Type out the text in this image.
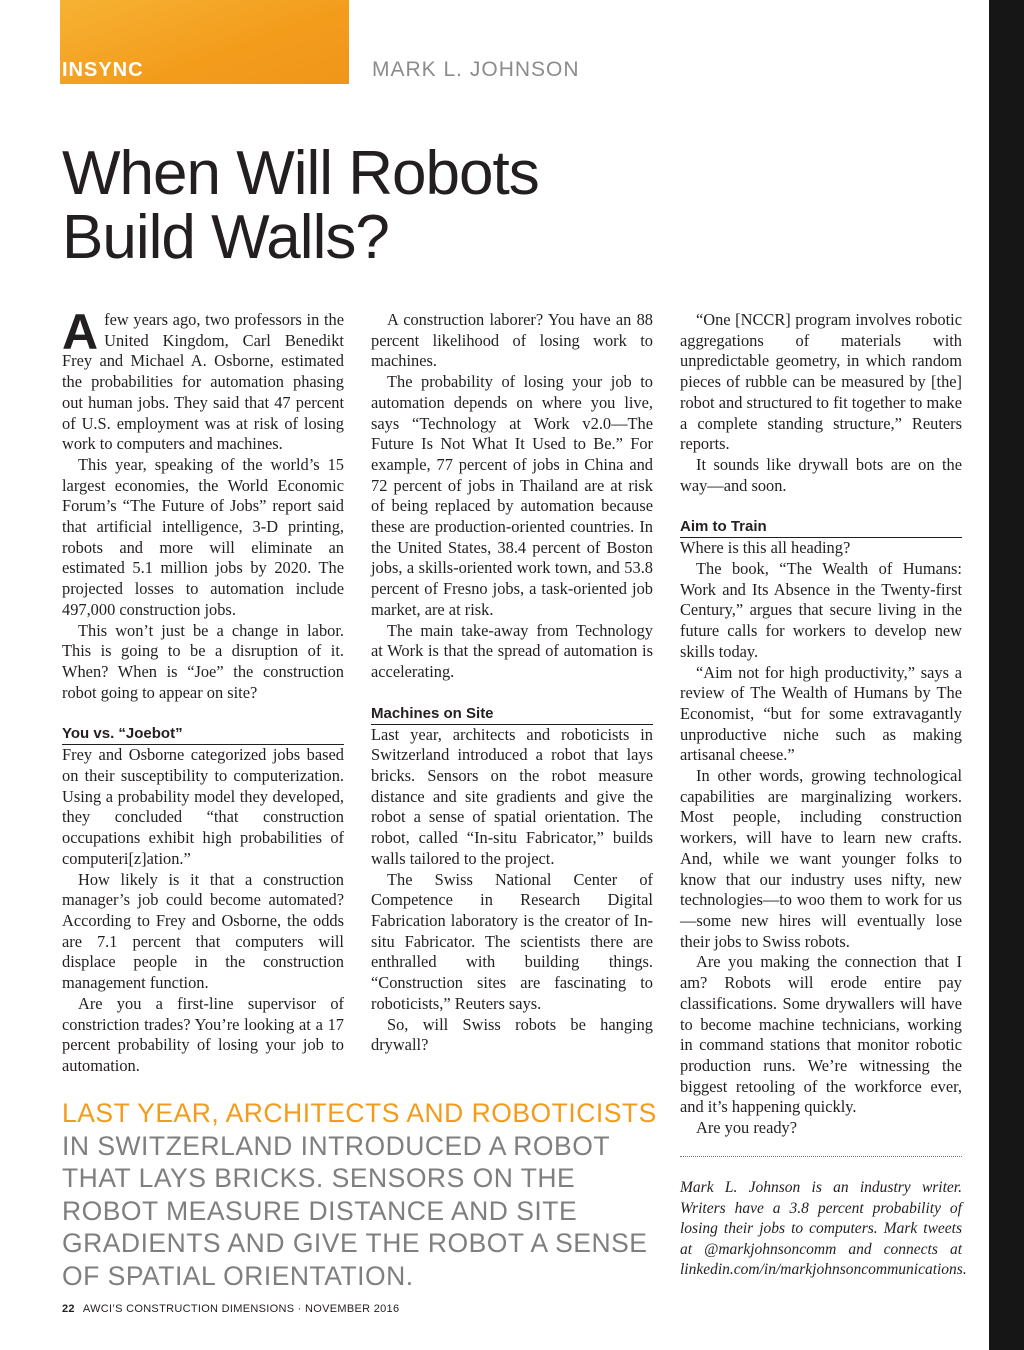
INSYNC	MARK L. JOHNSON
When Will Robots
Build Walls?

Afew years ago, two professors in the United Kingdom, Carl Benedikt Frey and Michael A. Osborne, estimated the probabilities for automation phasing out human jobs. They said that 47 percent of U.S. employment was at risk of losing work to computers and machines.

This year, speaking of the world’s 15 largest economies, the World Economic Forum’s “The Future of Jobs” report said that artificial intelligence, 3-D printing, robots and more will eliminate an estimated 5.1 million jobs by 2020. The projected losses to automation include 497,000 construction jobs.

This won’t just be a change in labor. This is going to be a disruption of it. When? When is “Joe” the construction robot going to appear on site?

You vs. “Joebot”

Frey and Osborne categorized jobs based on their susceptibility to computerization. Using a probability model they developed, they concluded “that construction occupations exhibit high probabilities of computeri[z]ation.”

How likely is it that a construction manager’s job could become automated? According to Frey and Osborne, the odds are 7.1 percent that computers will displace people in the construction management function.

Are you a first-line supervisor of constriction trades? You’re looking at a 17 percent probability of losing your job to automation.

A construction laborer? You have an 88 percent likelihood of losing work to machines.

The probability of losing your job to automation depends on where you live, says “Technology at Work v2.0—The Future Is Not What It Used to Be.” For example, 77 percent of jobs in China and 72 percent of jobs in Thailand are at risk of being replaced by automation because these are production-oriented countries. In the United States, 38.4 percent of Boston jobs, a skills-oriented work town, and 53.8 percent of Fresno jobs, a task-oriented job market, are at risk.

The main take-away from Technology at Work is that the spread of automation is accelerating.

Machines on Site

Last year, architects and roboticists in Switzerland introduced a robot that lays bricks. Sensors on the robot measure distance and site gradients and give the robot a sense of spatial orientation. The robot, called “In-situ Fabricator,” builds walls tailored to the project.

The Swiss National Center of Competence in Research Digital Fabrication laboratory is the creator of In-situ Fabricator. The scientists there are enthralled with building things. “Construction sites are fascinating to roboticists,” Reuters says.

So, will Swiss robots be hanging drywall?

“One [NCCR] program involves robotic aggregations of materials with unpredictable geometry, in which random pieces of rubble can be measured by [the] robot and structured to fit together to make a complete standing structure,” Reuters reports.

It sounds like drywall bots are on the way—and soon.

Aim to Train

Where is this all heading?

The book, “The Wealth of Humans: Work and Its Absence in the Twenty-first Century,” argues that secure living in the future calls for workers to develop new skills today.

“Aim not for high productivity,” says a review of The Wealth of Humans by The Economist, “but for some extravagantly unproductive niche such as making artisanal cheese.”

In other words, growing technological capabilities are marginalizing workers. Most people, including construction workers, will have to learn new crafts. And, while we want younger folks to know that our industry uses nifty, new technologies—to woo them to work for us—some new hires will eventually lose their jobs to Swiss robots.

Are you making the connection that I am? Robots will erode entire pay classifications. Some drywallers will have to become machine technicians, working in command stations that monitor robotic production runs. We’re witnessing the biggest retooling of the workforce ever, and it’s happening quickly.

Are you ready?

LAST YEAR, ARCHITECTS AND ROBOTICISTS IN SWITZERLAND INTRODUCED A ROBOT THAT LAYS BRICKS. SENSORS ON THE ROBOT MEASURE DISTANCE AND SITE GRADIENTS AND GIVE THE ROBOT A SENSE OF SPATIAL ORIENTATION.

Mark L. Johnson is an industry writer. Writers have a 3.8 percent probability of losing their jobs to computers. Mark tweets at @markjohnsoncomm and connects at linkedin.com/in/markjohnsoncommunications.

22 AWCI’S CONSTRUCTION DIMENSIONS · NOVEMBER 2016
